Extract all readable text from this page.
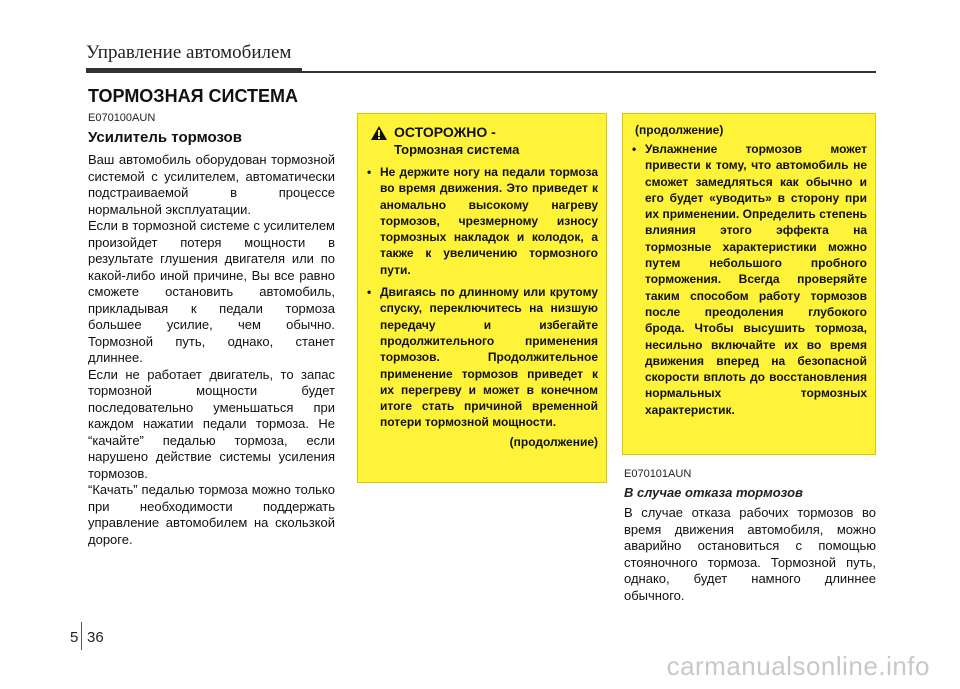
Управление автомобилем
ТОРМОЗНАЯ СИСТЕМА
E070100AUN
Усилитель тормозов

Ваш автомобиль оборудован тормозной системой с усилителем, автоматически подстраиваемой в процессе нормальной эксплуатации.

Если в тормозной системе с усилителем произойдет потеря мощности в результате глушения двигателя или по какой-либо иной причине, Вы все равно сможете остановить автомобиль, прикладывая к педали тормоза большее усилие, чем обычно. Тормозной путь, однако, станет длиннее.

Если не работает двигатель, то запас тормозной мощности будет последовательно уменьшаться при каждом нажатии педали тормоза. Не “качайте” педалью тормоза, если нарушено действие системы усиления тормозов.

“Качать” педалью тормоза можно только при необходимости поддержать управление автомобилем на скользкой дороге.

ОСТОРОЖНО -
Тормозная система
• Не держите ногу на педали тормоза во время движения. Это приведет к аномально высокому нагреву тормозов, чрезмерному износу тормозных накладок и колодок, а также к увеличению тормозного пути.
• Двигаясь по длинному или крутому спуску, переключитесь на низшую передачу и избегайте продолжительного применения тормозов. Продолжительное применение тормозов приведет к их перегреву и может в конечном итоге стать причиной временной потери тормозной мощности.
(продолжение)
(продолжение)
• Увлажнение тормозов может привести к тому, что автомобиль не сможет замедляться как обычно и его будет «уводить» в сторону при их применении. Определить степень влияния этого эффекта на тормозные характеристики можно путем небольшого пробного торможения. Всегда проверяйте таким способом работу тормозов после преодоления глубокого брода. Чтобы высушить тормоза, несильно включайте их во время движения вперед на безопасной скорости вплоть до восстановления нормальных тормозных характеристик.
E070101AUN
В случае отказа тормозов

В случае отказа рабочих тормозов во время движения автомобиля, можно аварийно остановиться с помощью стояночного тормоза. Тормозной путь, однако, будет намного длиннее обычного.

5 36
carmanualsonline.info
